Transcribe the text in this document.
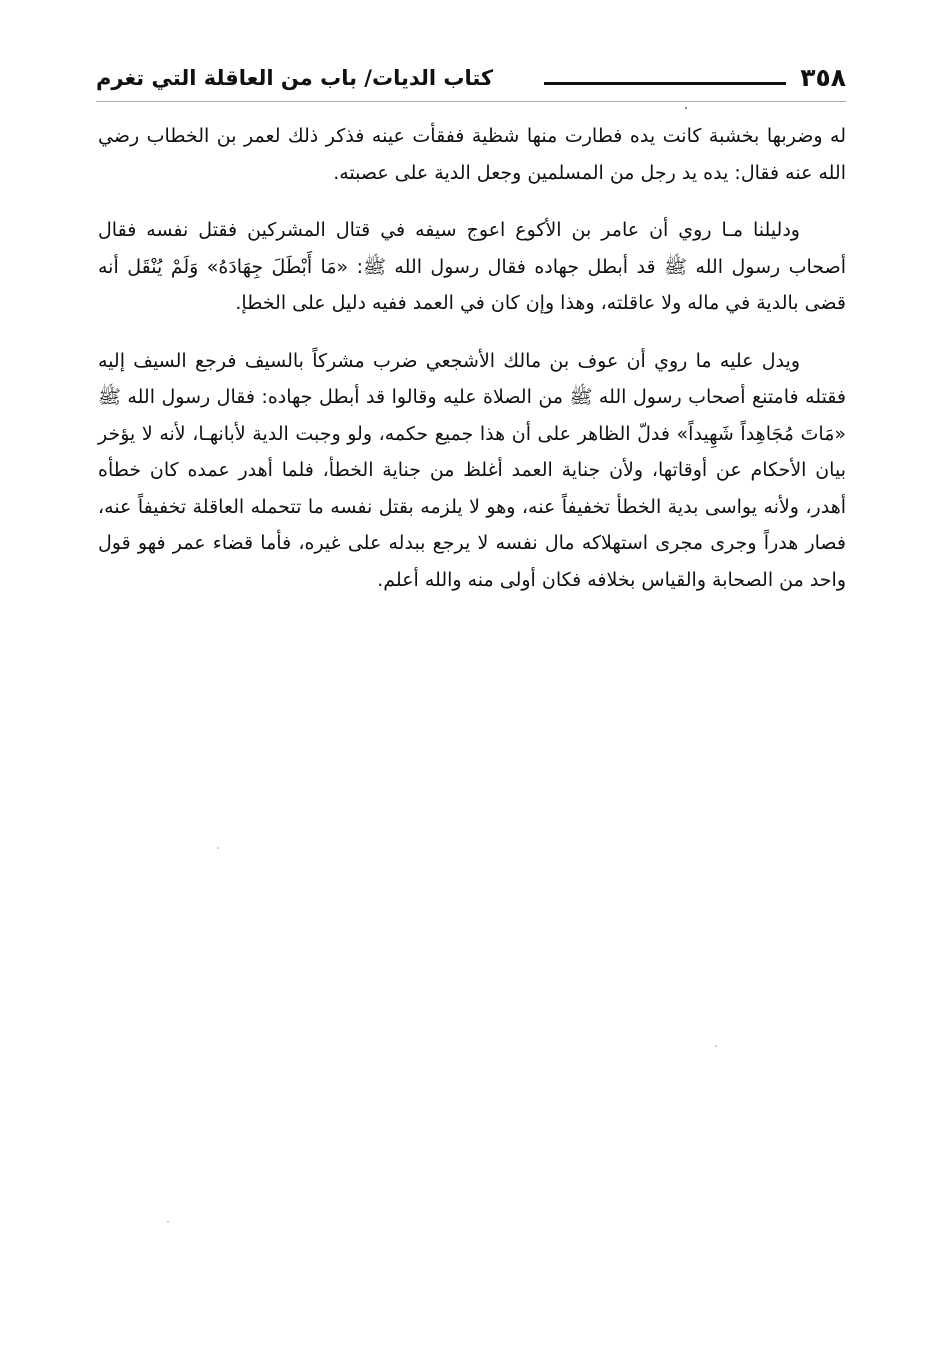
٣٥٨
كتاب الديات/ باب من العاقلة التي تغرم

له وضربها بخشبة كانت يده فطارت منها شظية ففقأت عينه فذكر ذلك لعمر بن الخطاب رضي الله عنه فقال: يده يد رجل من المسلمين وجعل الدية على عصبته.

ودليلنا مـا روي أن عامر بن الأكوع اعوج سيفه في قتال المشركين فقتل نفسه فقال أصحاب رسول الله ﷺ قد أبطل جهاده فقال رسول الله ﷺ: «مَا أَبْطَلَ جِهَادَهُ» وَلَمْ يُنْقَل أنه قضى بالدية في ماله ولا عاقلته، وهذا وإن كان في العمد ففيه دليل على الخطإ.

ويدل عليه ما روي أن عوف بن مالك الأشجعي ضرب مشركاً بالسيف فرجع السيف إليه فقتله فامتنع أصحاب رسول الله ﷺ من الصلاة عليه وقالوا قد أبطل جهاده: فقال رسول الله ﷺ «مَاتَ مُجَاهِداً شَهِيداً» فدلّ الظاهر على أن هذا جميع حكمه، ولو وجبت الدية لأبانهـا، لأنه لا يؤخر بيان الأحكام عن أوقاتها، ولأن جناية العمد أغلظ من جناية الخطأ، فلما أهدر عمده كان خطأه أهدر، ولأنه يواسى بدية الخطأ تخفيفاً عنه، وهو لا يلزمه بقتل نفسه ما تتحمله العاقلة تخفيفاً عنه، فصار هدراً وجرى مجرى استهلاكه مال نفسه لا يرجع ببدله على غيره، فأما قضاء عمر فهو قول واحد من الصحابة والقياس بخلافه فكان أولى منه والله أعلم.
